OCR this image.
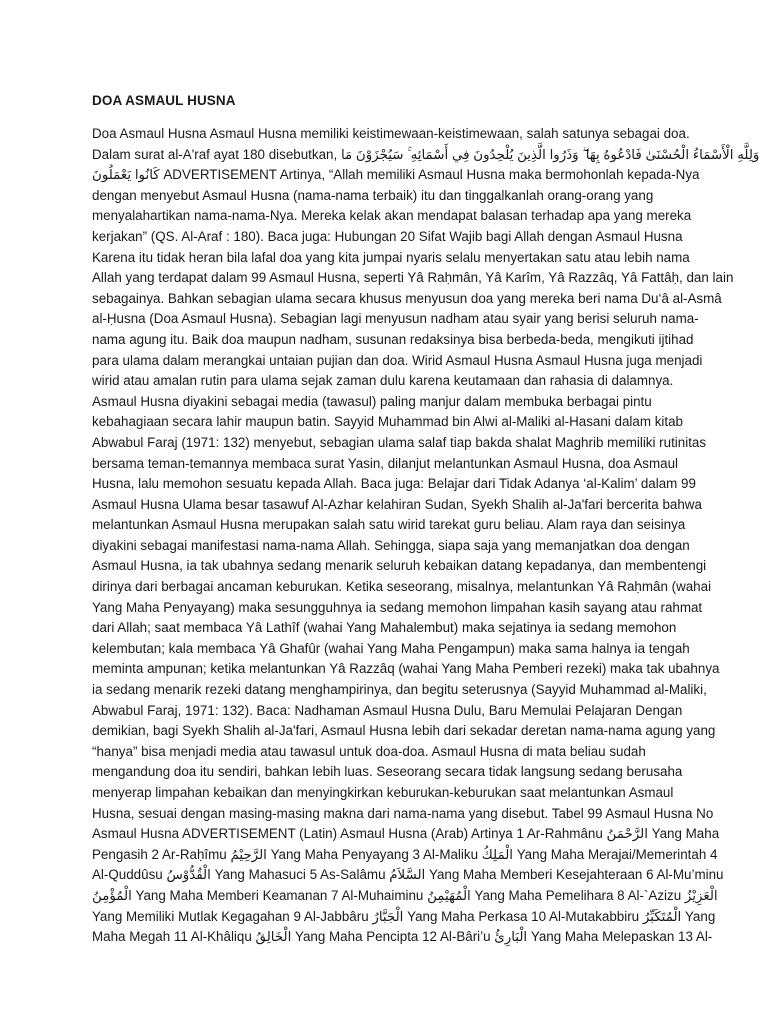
DOA ASMAUL HUSNA
Doa Asmaul Husna Asmaul Husna memiliki keistimewaan-keistimewaan, salah satunya sebagai doa.
Dalam surat al-A'raf ayat 180 disebutkan, وَلِلَّهِ الْأَسْمَاءُ الْحُسْنَىٰ فَادْعُوهُ بِهَا ۖ وَذَرُوا الَّذِينَ يُلْحِدُونَ فِي أَسْمَائِهِ ۚ سَيُجْزَوْنَ مَا
كَانُوا يَعْمَلُونَ ADVERTISEMENT Artinya, “Allah memiliki Asmaul Husna maka bermohonlah kepada-Nya
dengan menyebut Asmaul Husna (nama-nama terbaik) itu dan tinggalkanlah orang-orang yang
menyalahartikan nama-nama-Nya. Mereka kelak akan mendapat balasan terhadap apa yang mereka
kerjakan” (QS. Al-Araf : 180). Baca juga: Hubungan 20 Sifat Wajib bagi Allah dengan Asmaul Husna
Karena itu tidak heran bila lafal doa yang kita jumpai nyaris selalu menyertakan satu atau lebih nama
Allah yang terdapat dalam 99 Asmaul Husna, seperti Yâ Raḥmân, Yâ Karîm, Yâ Razzâq, Yâ Fattâḥ, dan lain
sebagainya. Bahkan sebagian ulama secara khusus menyusun doa yang mereka beri nama Du‘â al-Asmâ
al-Ḥusna (Doa Asmaul Husna). Sebagian lagi menyusun nadham atau syair yang berisi seluruh nama-
nama agung itu. Baik doa maupun nadham, susunan redaksinya bisa berbeda-beda, mengikuti ijtihad
para ulama dalam merangkai untaian pujian dan doa. Wirid Asmaul Husna Asmaul Husna juga menjadi
wirid atau amalan rutin para ulama sejak zaman dulu karena keutamaan dan rahasia di dalamnya.
Asmaul Husna diyakini sebagai media (tawasul) paling manjur dalam membuka berbagai pintu
kebahagiaan secara lahir maupun batin. Sayyid Muhammad bin Alwi al-Maliki al-Hasani dalam kitab
Abwabul Faraj (1971: 132) menyebut, sebagian ulama salaf tiap bakda shalat Maghrib memiliki rutinitas
bersama teman-temannya membaca surat Yasin, dilanjut melantunkan Asmaul Husna, doa Asmaul
Husna, lalu memohon sesuatu kepada Allah. Baca juga: Belajar dari Tidak Adanya ‘al-Kalim’ dalam 99
Asmaul Husna Ulama besar tasawuf Al-Azhar kelahiran Sudan, Syekh Shalih al-Ja'fari bercerita bahwa
melantunkan Asmaul Husna merupakan salah satu wirid tarekat guru beliau. Alam raya dan seisinya
diyakini sebagai manifestasi nama-nama Allah. Sehingga, siapa saja yang memanjatkan doa dengan
Asmaul Husna, ia tak ubahnya sedang menarik seluruh kebaikan datang kepadanya, dan membentengi
dirinya dari berbagai ancaman keburukan. Ketika seseorang, misalnya, melantunkan Yâ Raḥmân (wahai
Yang Maha Penyayang) maka sesungguhnya ia sedang memohon limpahan kasih sayang atau rahmat
dari Allah; saat membaca Yâ Lathîf (wahai Yang Mahalembut) maka sejatinya ia sedang memohon
kelembutan; kala membaca Yâ Ghafûr (wahai Yang Maha Pengampun) maka sama halnya ia tengah
meminta ampunan; ketika melantunkan Yâ Razzâq (wahai Yang Maha Pemberi rezeki) maka tak ubahnya
ia sedang menarik rezeki datang menghampirinya, dan begitu seterusnya (Sayyid Muhammad al-Maliki,
Abwabul Faraj, 1971: 132). Baca: Nadhaman Asmaul Husna Dulu, Baru Memulai Pelajaran Dengan
demikian, bagi Syekh Shalih al-Ja'fari, Asmaul Husna lebih dari sekadar deretan nama-nama agung yang
“hanya” bisa menjadi media atau tawasul untuk doa-doa. Asmaul Husna di mata beliau sudah
mengandung doa itu sendiri, bahkan lebih luas. Seseorang secara tidak langsung sedang berusaha
menyerap limpahan kebaikan dan menyingkirkan keburukan-keburukan saat melantunkan Asmaul
Husna, sesuai dengan masing-masing makna dari nama-nama yang disebut. Tabel 99 Asmaul Husna No
Asmaul Husna ADVERTISEMENT (Latin) Asmaul Husna (Arab) Artinya 1 Ar-Rahmânu الرَّحْمَنُ Yang Maha
Pengasih 2 Ar-Raḥîmu الرَّحِيْمُ Yang Maha Penyayang 3 Al-Maliku الْمَلِكُ Yang Maha Merajai/Memerintah 4
Al-Quddûsu الْقُدُّوْسُ Yang Mahasuci 5 As-Salâmu السَّلاَمُ Yang Maha Memberi Kesejahteraan 6 Al-Mu’minu
الْمُؤْمِنُ Yang Maha Memberi Keamanan 7 Al-Muhaiminu الْمُهَيْمِنُ Yang Maha Pemelihara 8 Al-`Azizu الْعَزِيْزُ
Yang Memiliki Mutlak Kegagahan 9 Al-Jabbâru الْجَبَّارُ Yang Maha Perkasa 10 Al-Mutakabbiru الْمُتَكَبِّرُ Yang
Maha Megah 11 Al-Khâliqu الْخَالِقُ Yang Maha Pencipta 12 Al-Bâri’u الْبَارِئُ Yang Maha Melepaskan 13 Al-
